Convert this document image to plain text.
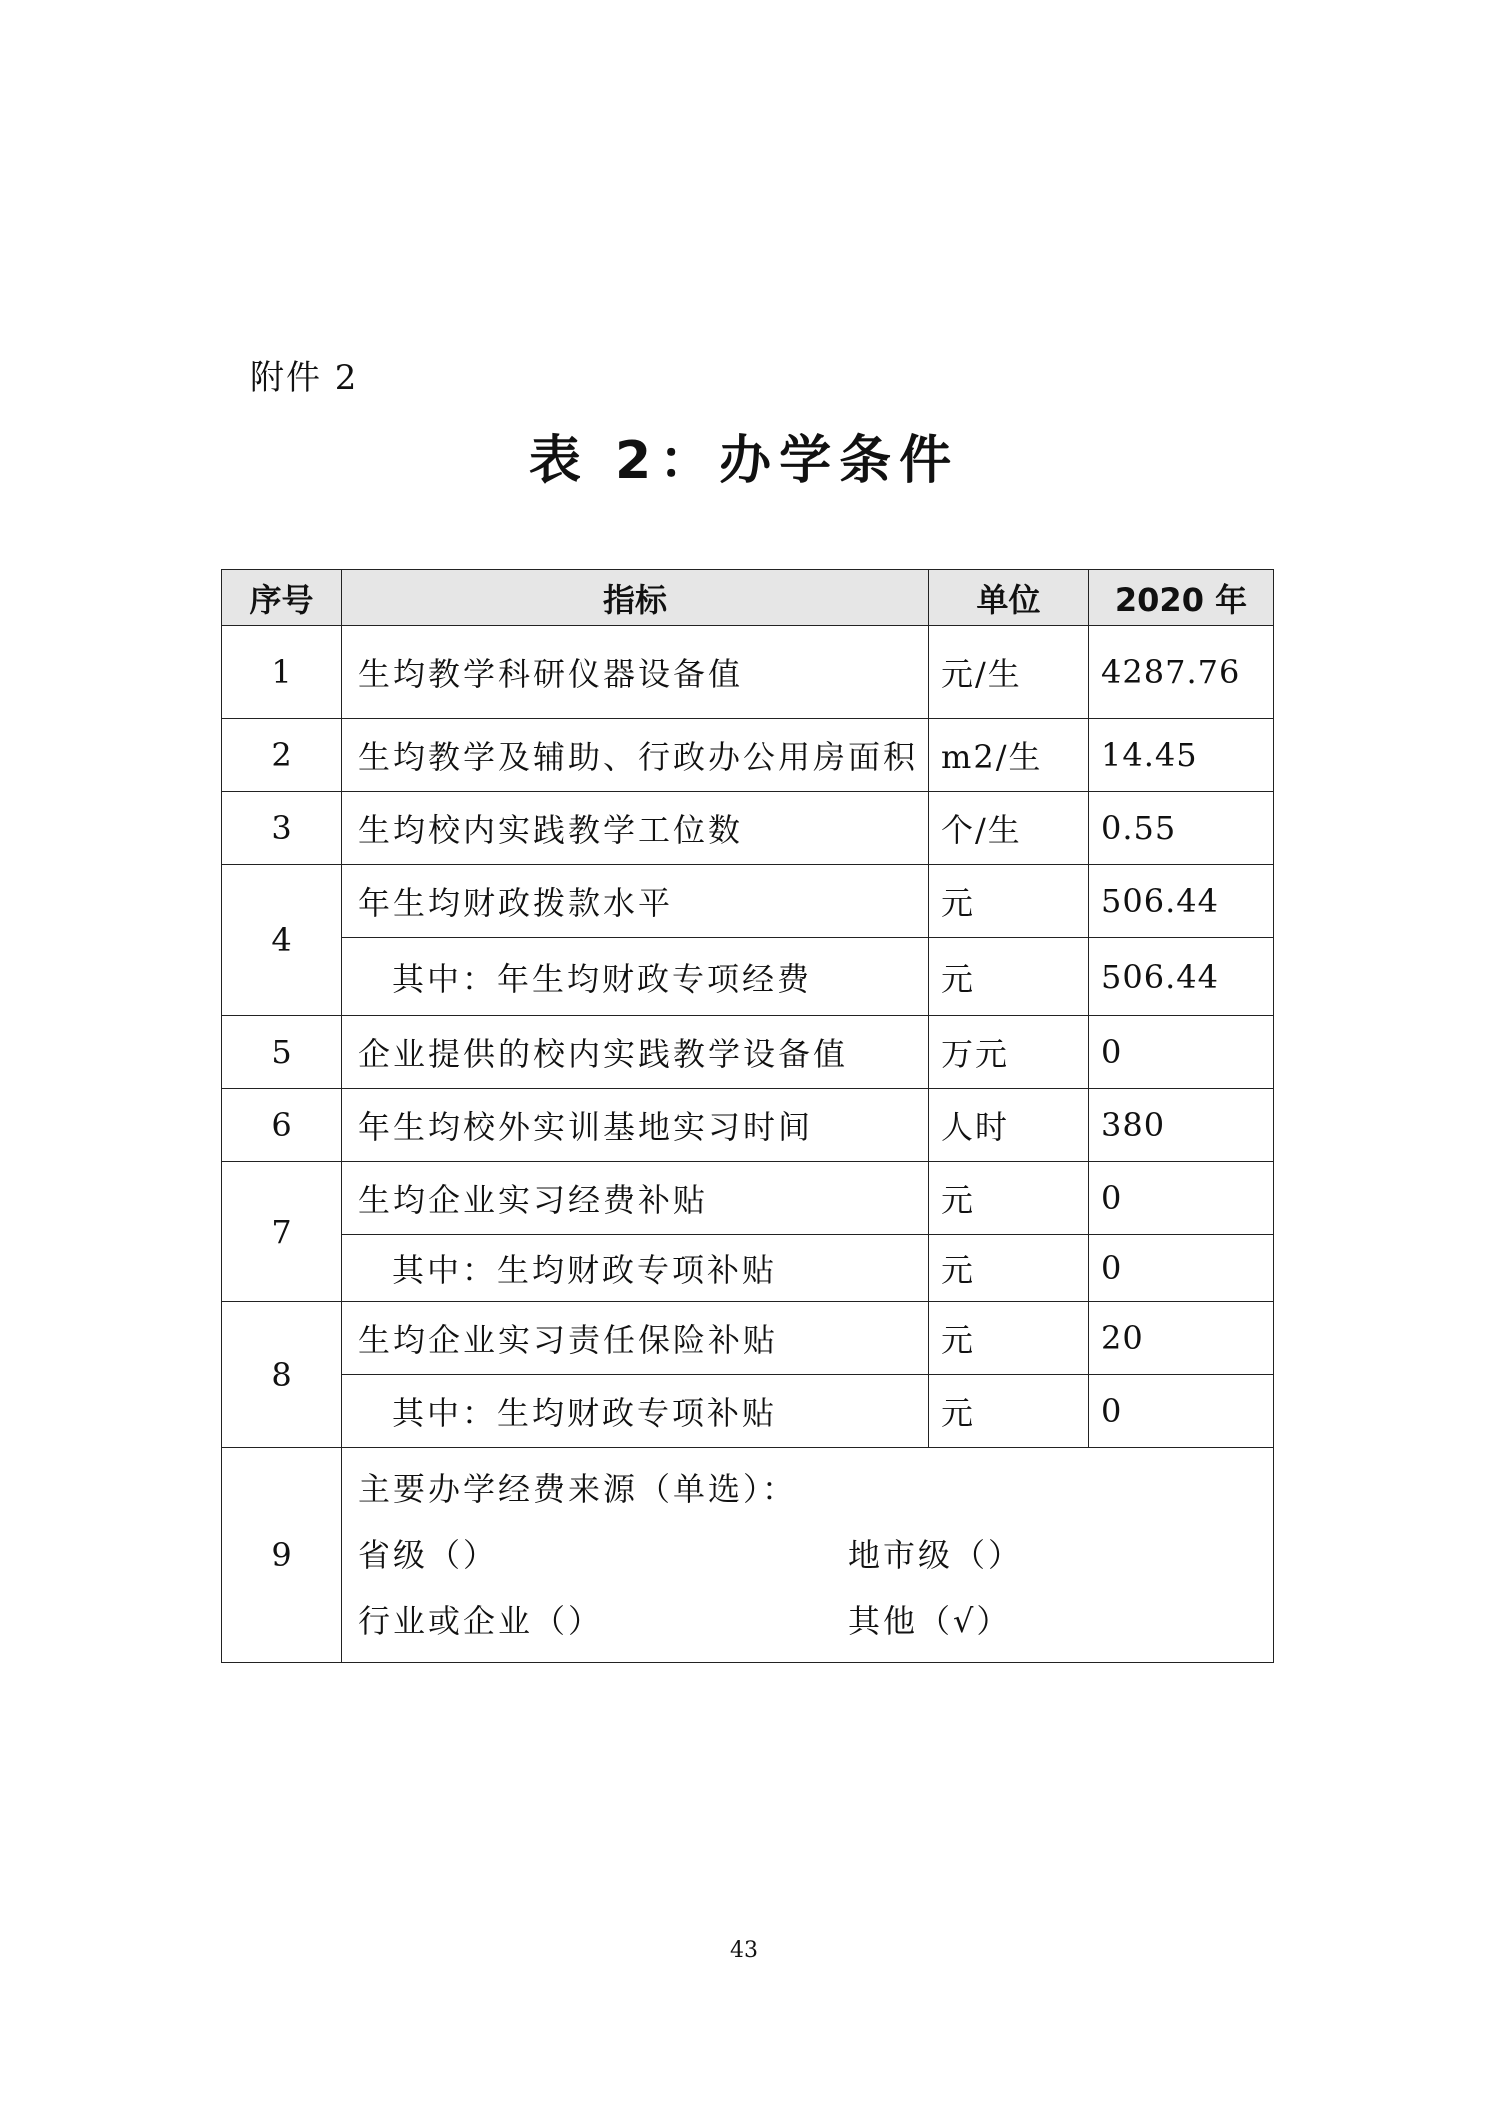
附件 2
表 2：办学条件
序号	指标	单位	2020 年
1	生均教学科研仪器设备值	元/生	4287.76
2	生均教学及辅助、行政办公用房面积	m2/生	14.45
3	生均校内实践教学工位数	个/生	0.55
4	年生均财政拨款水平	元	506.44
	其中：年生均财政专项经费	元	506.44
5	企业提供的校内实践教学设备值	万元	0
6	年生均校外实训基地实习时间	人时	380
7	生均企业实习经费补贴	元	0
	其中：生均财政专项补贴	元	0
8	生均企业实习责任保险补贴	元	20
	其中：生均财政专项补贴	元	0
9	主要办学经费来源（单选）：
省级（） 地市级（）
行业或企业（） 其他（√）		
43
